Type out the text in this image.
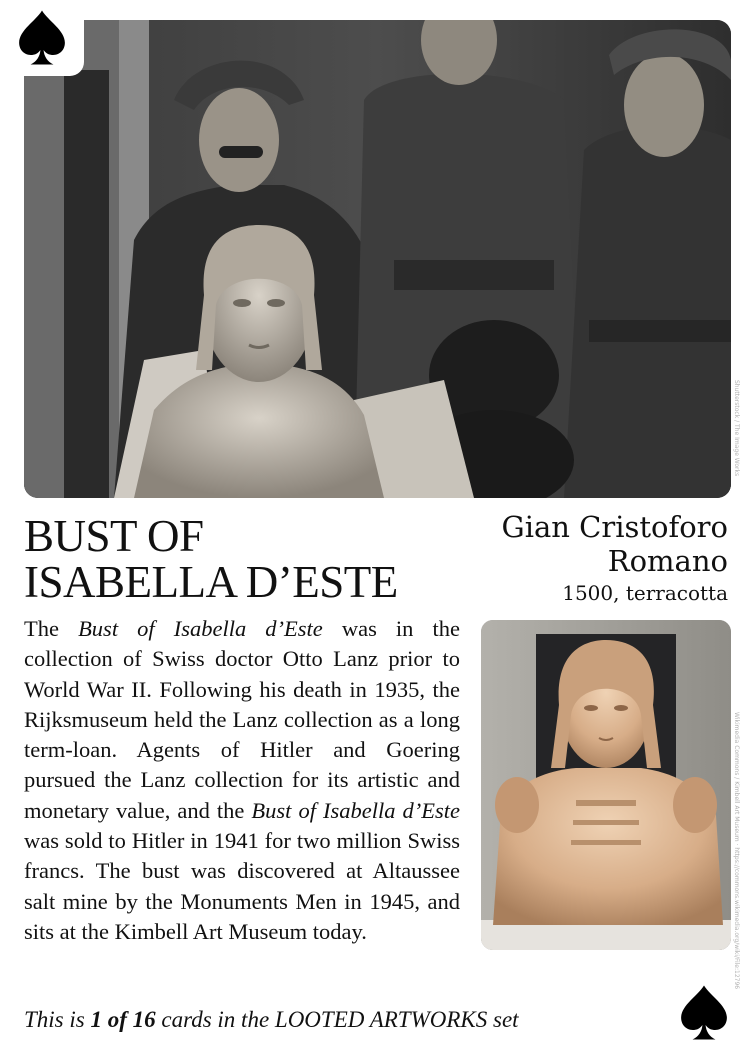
Shutterstock / The Image Works
BUST OF
ISABELLA D’ESTE
Gian Cristoforo
Romano
1500, terracotta

The Bust of Isabella d’Este was in the collection of Swiss doctor Otto Lanz prior to World War II. Following his death in 1935, the Rijksmuseum held the Lanz collection as a long term-loan. Agents of Hitler and Goering pursued the Lanz collection for its artistic and monetary value, and the Bust of Isabella d’Este was sold to Hitler in 1941 for two million Swiss francs. The bust was discovered at Altaussee salt mine by the Monuments Men in 1945, and sits at the Kimbell Art Museum today.	Wikimedia Commons / Kimbell Art Museum · https://commons.wikimedia.org/wiki/File:12796
This is 1 of 16 cards in the LOOTED ARTWORKS set
